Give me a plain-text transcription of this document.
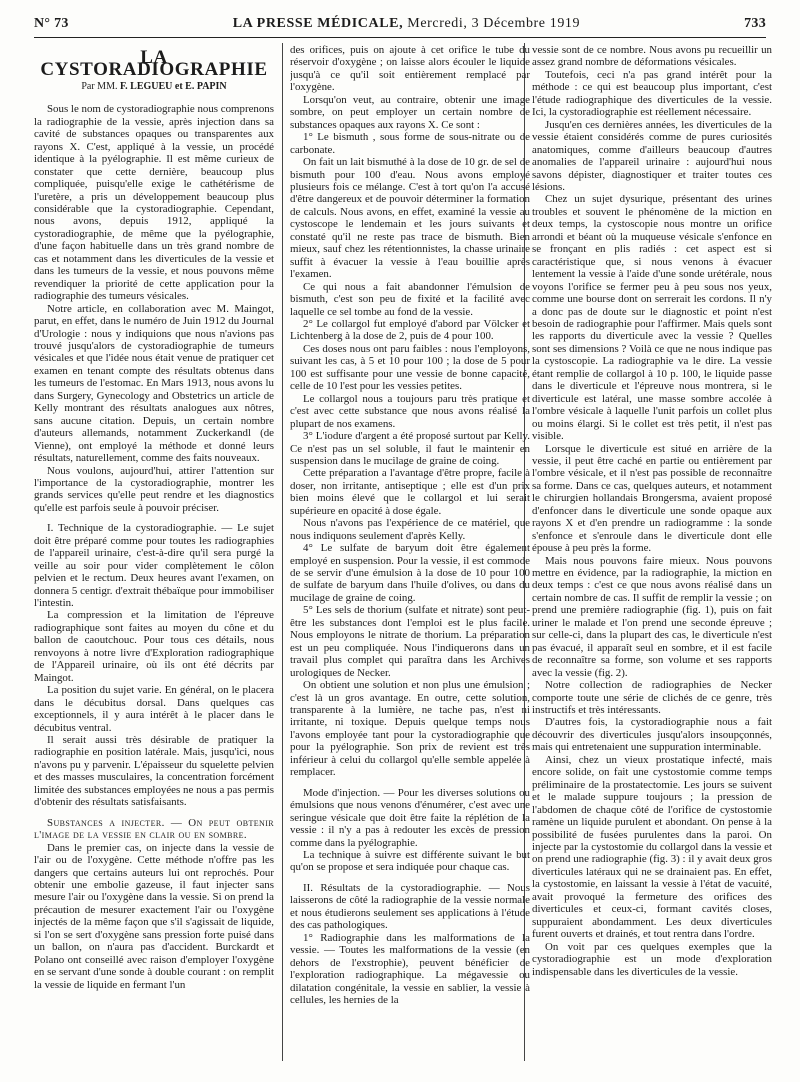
N° 73	LA PRESSE MÉDICALE, Mercredi, 3 Décembre 1919	733
LA CYSTORADIOGRAPHIE
Par MM. F. LEGUEU et E. PAPIN

Sous le nom de cystoradiographie nous comprenons la radiographie de la vessie, après injection dans sa cavité de substances opaques ou transparentes aux rayons X. C'est, appliqué à la vessie, un procédé identique à la pyélographie. Il est même curieux de constater que cette dernière, beaucoup plus compliquée, puisqu'elle exige le cathétérisme de l'uretère, a pris un développement beaucoup plus considérable que la cystoradiographie. Cependant, nous avons, depuis 1912, appliqué la cystoradiographie, de même que la pyélographie, d'une façon habituelle dans un très grand nombre de cas et notamment dans les diverticules de la vessie et dans les tumeurs de la vessie, et nous pouvons même revendiquer la priorité de cette application pour la radiographie des tumeurs vésicales.

Notre article, en collaboration avec M. Maingot, parut, en effet, dans le numéro de Juin 1912 du Journal d'Urologie : nous y indiquions que nous n'avions pas trouvé jusqu'alors de cystoradiographie de tumeurs vésicales et que l'idée nous était venue de pratiquer cet examen en tenant compte des résultats obtenus dans les tumeurs de l'estomac. En Mars 1913, nous avons lu dans Surgery, Gynecology and Obstetrics un article de Kelly montrant des résultats analogues aux nôtres, sans aucune citation. Depuis, un certain nombre d'auteurs allemands, notamment Zuckerkandl (de Vienne), ont employé la méthode et donné leurs résultats, naturellement, comme des faits nouveaux.

Nous voulons, aujourd'hui, attirer l'attention sur l'importance de la cystoradiographie, montrer les grands services qu'elle peut rendre et les diagnostics qu'elle est parfois seule à pouvoir préciser.

I. Technique de la cystoradiographie. — Le sujet doit être préparé comme pour toutes les radiographies de l'appareil urinaire, c'est-à-dire qu'il sera purgé la veille au soir pour vider complètement le côlon pelvien et le rectum. Deux heures avant l'examen, on donnera 5 centigr. d'extrait thébaïque pour immobiliser l'intestin.

La compression et la limitation de l'épreuve radiographique sont faites au moyen du cône et du ballon de caoutchouc. Pour tous ces détails, nous renvoyons à notre livre d'Exploration radiographique de l'Appareil urinaire, où ils ont été décrits par Maingot.

La position du sujet varie. En général, on le placera dans le décubitus dorsal. Dans quelques cas exceptionnels, il y aura intérêt à le placer dans le décubitus ventral.

Il serait aussi très désirable de pratiquer la radiographie en position latérale. Mais, jusqu'ici, nous n'avons pu y parvenir. L'épaisseur du squelette pelvien et des masses musculaires, la concentration forcément limitée des substances employées ne nous a pas permis d'obtenir des résultats satisfaisants.

Substances a injecter. — On peut obtenir l'image de la vessie en clair ou en sombre.

Dans le premier cas, on injecte dans la vessie de l'air ou de l'oxygène. Cette méthode n'offre pas les dangers que certains auteurs lui ont reprochés. Pour obtenir une embolie gazeuse, il faut injecter sans mesure l'air ou l'oxygène dans la vessie. Si on prend la précaution de mesurer exactement l'air ou l'oxygène injectés de la même façon que s'il s'agissait de liquide, si l'on se sert d'oxygène sans pression forte puisé dans un ballon, on n'aura pas d'accident. Burckardt et Polano ont conseillé avec raison d'employer l'oxygène en se servant d'une sonde à double courant : on remplit la vessie de liquide en fermant l'un

des orifices, puis on ajoute à cet orifice le tube du réservoir d'oxygène ; on laisse alors écouler le liquide jusqu'à ce qu'il soit entièrement remplacé par l'oxygène.

Lorsqu'on veut, au contraire, obtenir une image sombre, on peut employer un certain nombre de substances opaques aux rayons X. Ce sont :

1° Le bismuth , sous forme de sous-nitrate ou de carbonate.

On fait un lait bismuthé à la dose de 10 gr. de sel de bismuth pour 100 d'eau. Nous avons employé plusieurs fois ce mélange. C'est à tort qu'on l'a accusé d'être dangereux et de pouvoir déterminer la formation de calculs. Nous avons, en effet, examiné la vessie au cystoscope le lendemain et les jours suivants et constaté qu'il ne reste pas trace de bismuth. Bien mieux, sauf chez les rétentionnistes, la chasse urinaire suffit à évacuer la vessie à l'eau bouillie après l'examen.

Ce qui nous a fait abandonner l'émulsion de bismuth, c'est son peu de fixité et la facilité avec laquelle ce sel tombe au fond de la vessie.

2° Le collargol fut employé d'abord par Völcker et Lichtenberg à la dose de 2, puis de 4 pour 100.

Ces doses nous ont paru faibles : nous l'employons, suivant les cas, à 5 et 10 pour 100 ; la dose de 5 pour 100 est suffisante pour une vessie de bonne capacité, celle de 10 l'est pour les vessies petites.

Le collargol nous a toujours paru très pratique et c'est avec cette substance que nous avons réalisé la plupart de nos examens.

3° L'iodure d'argent a été proposé surtout par Kelly. Ce n'est pas un sel soluble, il faut le maintenir en suspension dans le mucilage de graine de coing.

Cette préparation a l'avantage d'être propre, facile à doser, non irritante, antiseptique ; elle est d'un prix bien moins élevé que le collargol et lui serait supérieure en opacité à dose égale.

Nous n'avons pas l'expérience de ce matériel, que nous indiquons seulement d'après Kelly.

4° Le sulfate de baryum doit être également employé en suspension. Pour la vessie, il est commode de se servir d'une émulsion à la dose de 10 pour 100 de sulfate de baryum dans l'huile d'olives, ou dans du mucilage de graine de coing.

5° Les sels de thorium (sulfate et nitrate) sont peut-être les substances dont l'emploi est le plus facile. Nous employons le nitrate de thorium. La préparation est un peu compliquée. Nous l'indiquerons dans un travail plus complet qui paraîtra dans les Archives urologiques de Necker.

On obtient une solution et non plus une émulsion ; c'est là un gros avantage. En outre, cette solution, transparente à la lumière, ne tache pas, n'est ni irritante, ni toxique. Depuis quelque temps nous l'avons employée tant pour la cystoradiographie que pour la pyélographie. Son prix de revient est très inférieur à celui du collargol qu'elle semble appelée à remplacer.

Mode d'injection. — Pour les diverses solutions ou émulsions que nous venons d'énumérer, c'est avec une seringue vésicale que doit être faite la réplétion de la vessie : il n'y a pas à redouter les excès de pression comme dans la pyélographie.

La technique à suivre est différente suivant le but qu'on se propose et sera indiquée pour chaque cas.

II. Résultats de la cystoradiographie. — Nous laisserons de côté la radiographie de la vessie normale et nous étudierons seulement ses applications à l'étude des cas pathologiques.

1° Radiographie dans les malformations de la vessie. — Toutes les malformations de la vessie (en dehors de l'exstrophie), peuvent bénéficier de l'exploration radiographique. La mégavessie ou dilatation congénitale, la vessie en sablier, la vessie à cellules, les hernies de la

vessie sont de ce nombre. Nous avons pu recueillir un assez grand nombre de déformations vésicales.

Toutefois, ceci n'a pas grand intérêt pour la méthode : ce qui est beaucoup plus important, c'est l'étude radiographique des diverticules de la vessie. Ici, la cystoradiographie est réellement nécessaire.

Jusqu'en ces dernières années, les diverticules de la vessie étaient considérés comme de pures curiosités anatomiques, comme d'ailleurs beaucoup d'autres anomalies de l'appareil urinaire : aujourd'hui nous savons dépister, diagnostiquer et traiter toutes ces lésions.

Chez un sujet dysurique, présentant des urines troubles et souvent le phénomène de la miction en deux temps, la cystoscopie nous montre un orifice arrondi et béant où la muqueuse vésicale s'enfonce en se fronçant en plis radiés : cet aspect est si caractéristique que, si nous venons à évacuer lentement la vessie à l'aide d'une sonde urétérale, nous voyons l'orifice se fermer peu à peu sous nos yeux, comme une bourse dont on serrerait les cordons. Il n'y a donc pas de doute sur le diagnostic et point n'est besoin de radiographie pour l'affirmer. Mais quels sont les rapports du diverticule avec la vessie ? Quelles sont ses dimensions ? Voilà ce que ne nous indique pas la cystoscopie. La radiographie va le dire. La vessie étant remplie de collargol à 10 p. 100, le liquide passe dans le diverticule et l'épreuve nous montrera, si le diverticule est latéral, une masse sombre accolée à l'ombre vésicale à laquelle l'unit parfois un collet plus ou moins élargi. Si le collet est très petit, il n'est pas visible.

Lorsque le diverticule est situé en arrière de la vessie, il peut être caché en partie ou entièrement par l'ombre vésicale, et il n'est pas possible de reconnaître sa forme. Dans ce cas, quelques auteurs, et notamment le chirurgien hollandais Brongersma, avaient proposé d'enfoncer dans le diverticule une sonde opaque aux rayons X et d'en prendre un radiogramme : la sonde s'enfonce et s'enroule dans le diverticule dont elle épouse à peu près la forme.

Mais nous pouvons faire mieux. Nous pouvons mettre en évidence, par la radiographie, la miction en deux temps : c'est ce que nous avons réalisé dans un certain nombre de cas. Il suffit de remplir la vessie ; on prend une première radiographie (fig. 1), puis on fait uriner le malade et l'on prend une seconde épreuve ; sur celle-ci, dans la plupart des cas, le diverticule n'est pas évacué, il apparaît seul en sombre, et il est facile de reconnaître sa forme, son volume et ses rapports avec la vessie (fig. 2).

Notre collection de radiographies de Necker comporte toute une série de clichés de ce genre, très instructifs et très intéressants.

D'autres fois, la cystoradiographie nous a fait découvrir des diverticules jusqu'alors insoupçonnés, mais qui entretenaient une suppuration interminable.

Ainsi, chez un vieux prostatique infecté, mais encore solide, on fait une cystostomie comme temps préliminaire de la prostatectomie. Les jours se suivent et le malade suppure toujours ; la pression de l'abdomen de chaque côté de l'orifice de cystostomie ramène un liquide purulent et abondant. On pense à la possibilité de fusées purulentes dans la paroi. On injecte par la cystostomie du collargol dans la vessie et on prend une radiographie (fig. 3) : il y avait deux gros diverticules latéraux qui ne se drainaient pas. En effet, la cystostomie, en laissant la vessie à l'état de vacuité, avait provoqué la fermeture des orifices des diverticules et ceux-ci, formant cavités closes, suppuraient abondamment. Les deux diverticules furent ouverts et drainés, et tout rentra dans l'ordre.

On voit par ces quelques exemples que la cystoradiographie est un mode d'exploration indispensable dans les diverticules de la vessie.
